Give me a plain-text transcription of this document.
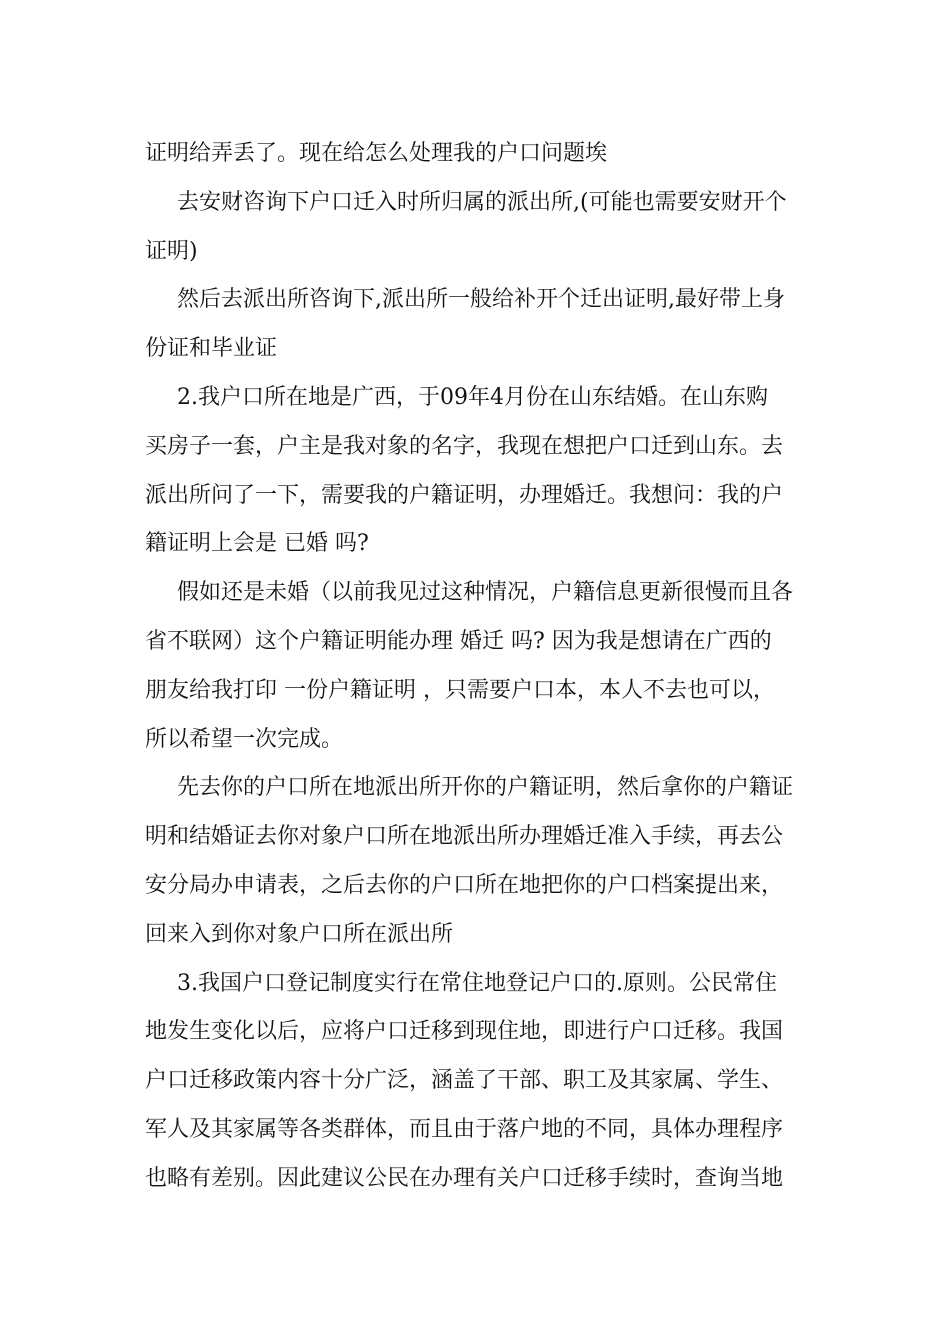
证明给弄丢了。现在给怎么处理我的户口问题埃
去安财咨询下户口迁入时所归属的派出所,(可能也需要安财开个
证明)
然后去派出所咨询下,派出所一般给补开个迁出证明,最好带上身
份证和毕业证
2.我户口所在地是广西，于09年4月份在山东结婚。在山东购
买房子一套，户主是我对象的名字，我现在想把户口迁到山东。去
派出所问了一下，需要我的户籍证明，办理婚迁。我想问：我的户
籍证明上会是 已婚 吗?
假如还是未婚（以前我见过这种情况，户籍信息更新很慢而且各
省不联网）这个户籍证明能办理 婚迁 吗? 因为我是想请在广西的
朋友给我打印 一份户籍证明 ，只需要户口本，本人不去也可以，
所以希望一次完成。
先去你的户口所在地派出所开你的户籍证明，然后拿你的户籍证
明和结婚证去你对象户口所在地派出所办理婚迁准入手续，再去公
安分局办申请表，之后去你的户口所在地把你的户口档案提出来，
回来入到你对象户口所在派出所
3.我国户口登记制度实行在常住地登记户口的.原则。公民常住
地发生变化以后，应将户口迁移到现住地，即进行户口迁移。我国
户口迁移政策内容十分广泛，涵盖了干部、职工及其家属、学生、
军人及其家属等各类群体，而且由于落户地的不同，具体办理程序
也略有差别。因此建议公民在办理有关户口迁移手续时，查询当地
